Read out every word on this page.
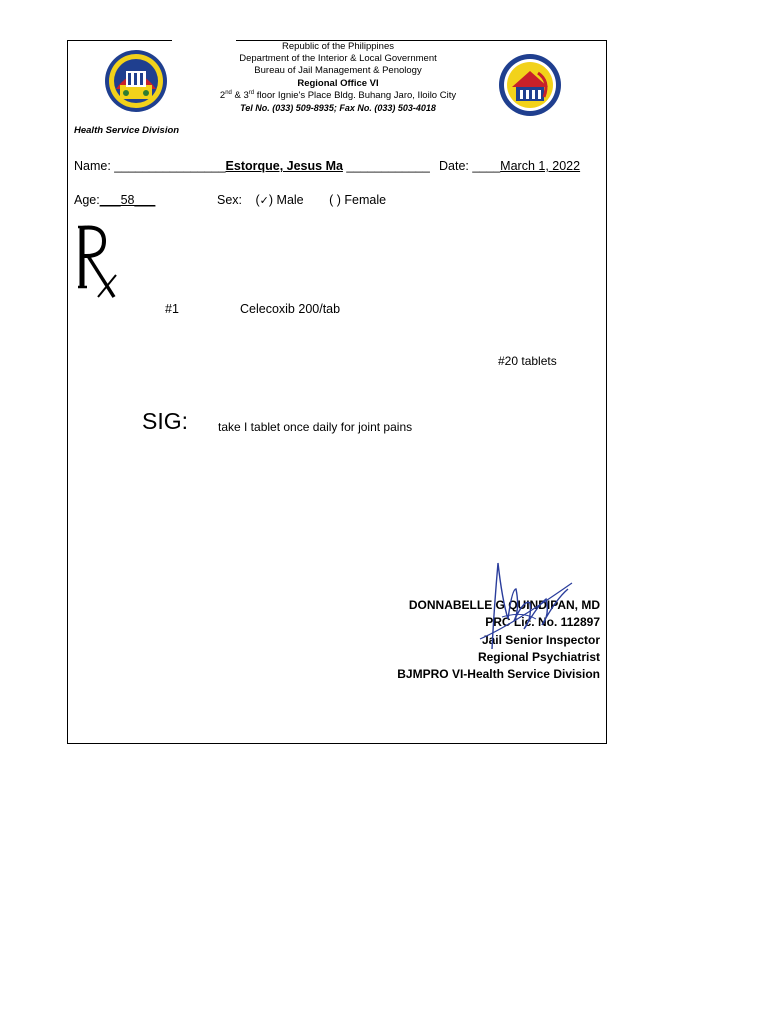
Republic of the Philippines
Department of the Interior & Local Government
Bureau of Jail Management & Penology
Regional Office VI
2nd & 3rd floor Ignie's Place Bldg. Buhang Jaro, Iloilo City
Tel No. (033) 509-8935; Fax No. (033) 503-4018
Health Service Division
Name: ________________Estorque, Jesus Ma ____________ Date: ____March 1, 2022
Age:___58___	Sex: (✓) Male ( ) Female
#1	Celecoxib 200/tab
#20 tablets
SIG: take I tablet once daily for joint pains
DONNABELLE G QUINDIPAN, MD
PRC Lic. No. 112897
Jail Senior Inspector
Regional Psychiatrist
BJMPRO VI-Health Service Division
